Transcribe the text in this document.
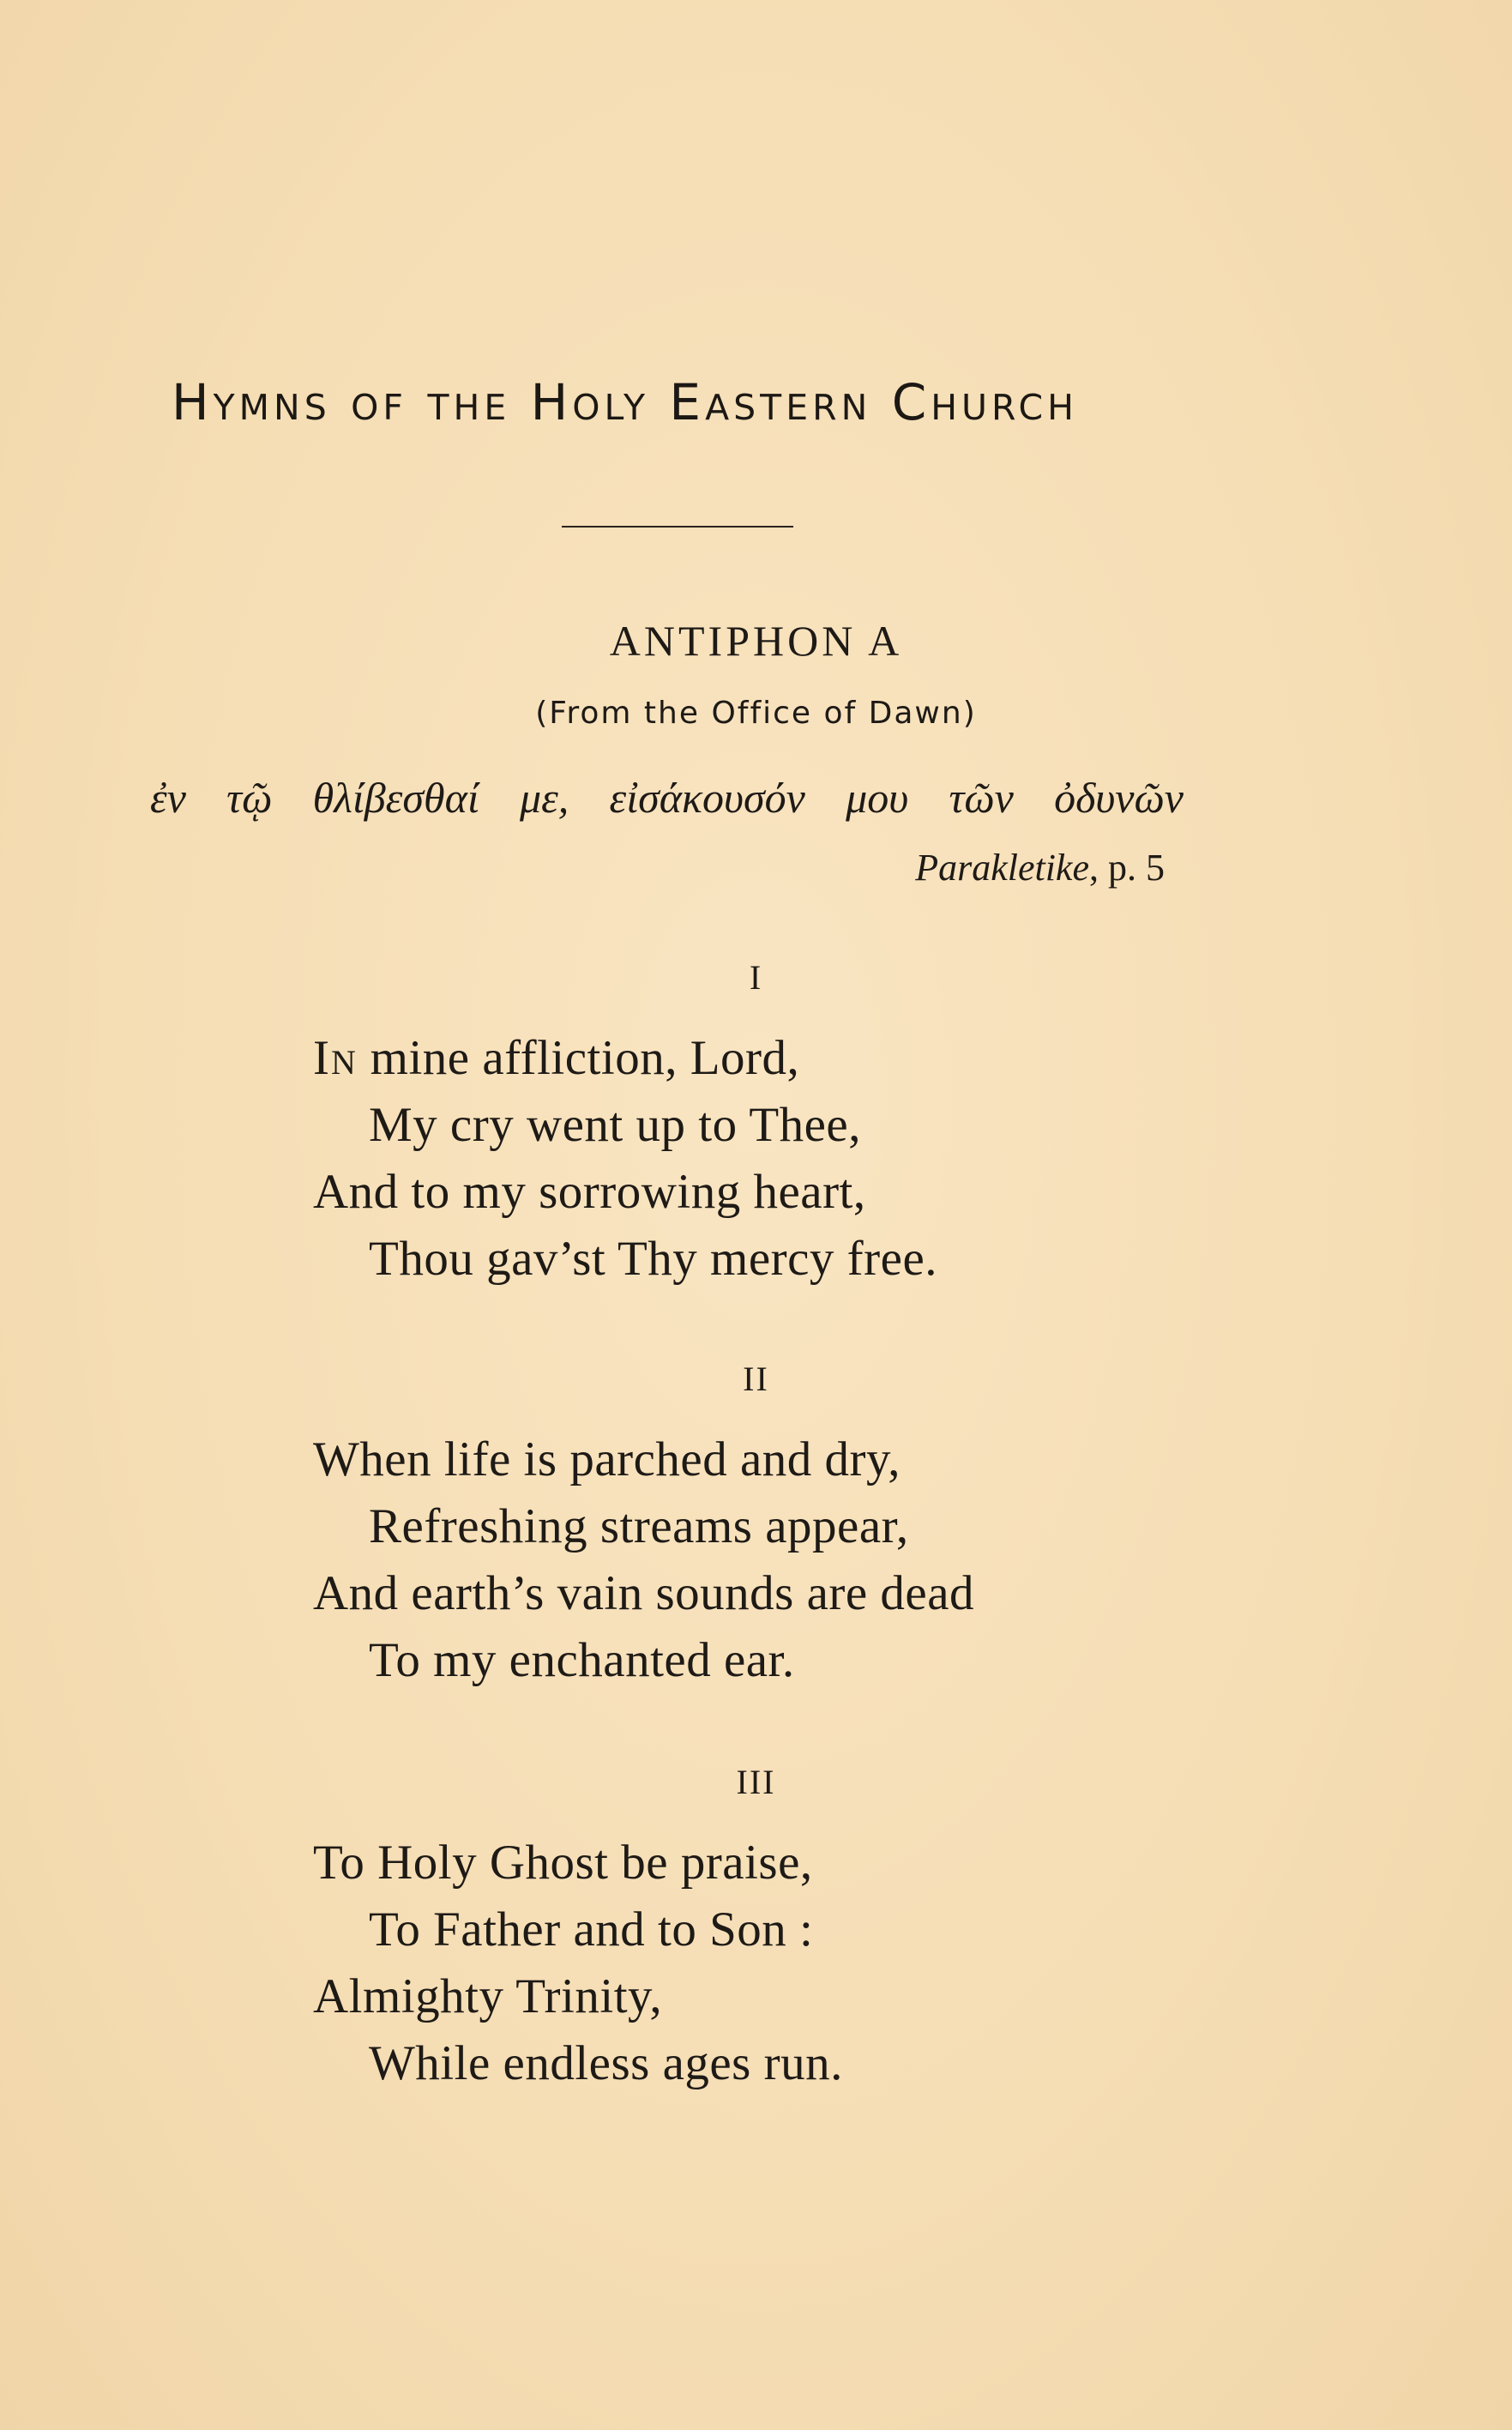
Hymns of the Holy Eastern Church
ANTIPHON A
(From the Office of Dawn)
ἐν τῷ θλίβεσθαί με, εἰσάκουσόν μου τῶν ὀδυνῶν
Parakletike, p. 5
I
In mine affliction, Lord,
My cry went up to Thee,
And to my sorrowing heart,
Thou gav’st Thy mercy free.
II
When life is parched and dry,
Refreshing streams appear,
And earth’s vain sounds are dead
To my enchanted ear.
III
To Holy Ghost be praise,
To Father and to Son :
Almighty Trinity,
While endless ages run.
